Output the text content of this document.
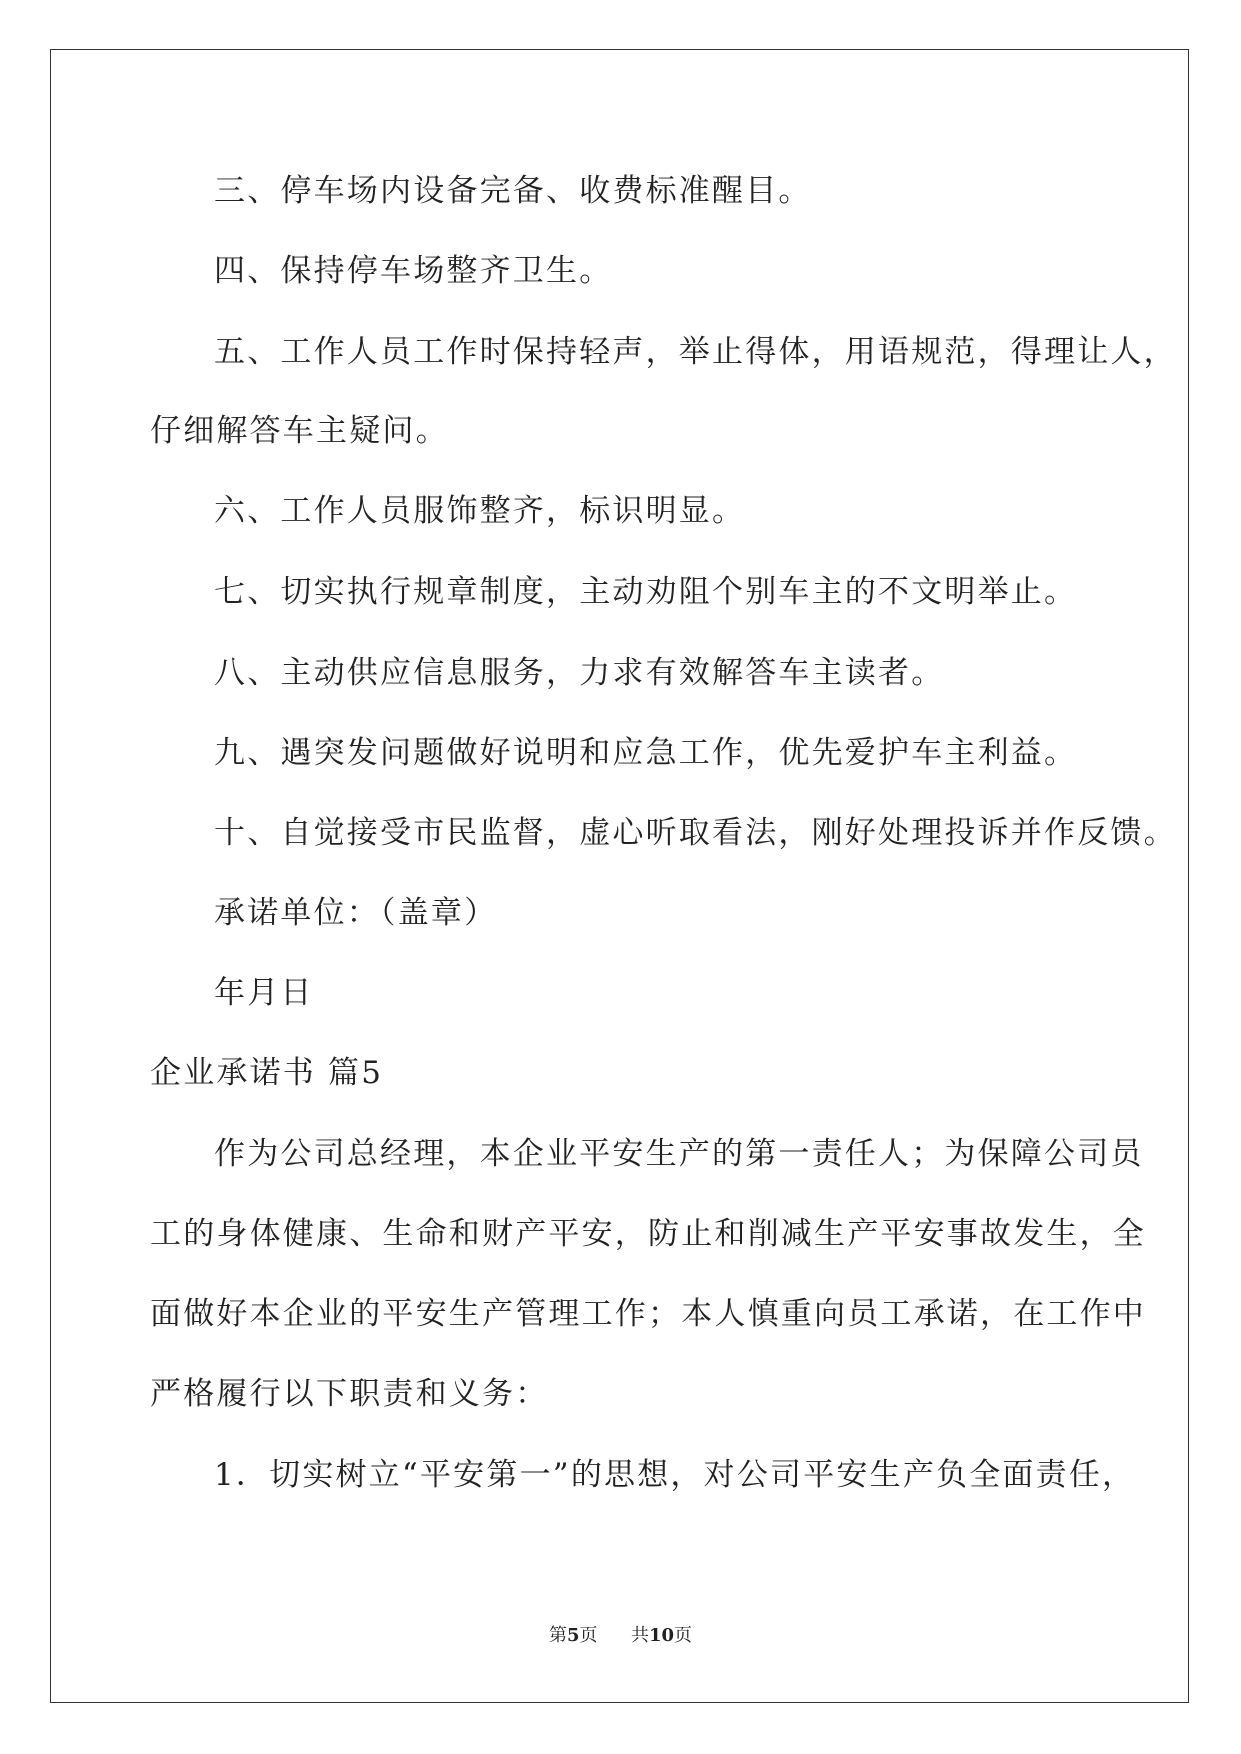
三、停车场内设备完备、收费标准醒目。
四、保持停车场整齐卫生。
五、工作人员工作时保持轻声，举止得体，用语规范，得理让人，
仔细解答车主疑问。
六、工作人员服饰整齐，标识明显。
七、切实执行规章制度，主动劝阻个别车主的不文明举止。
八、主动供应信息服务，力求有效解答车主读者。
九、遇突发问题做好说明和应急工作，优先爱护车主利益。
十、自觉接受市民监督，虚心听取看法，刚好处理投诉并作反馈。
承诺单位：（盖章）
年月日
企业承诺书 篇5
作为公司总经理，本企业平安生产的第一责任人；为保障公司员
工的身体健康、生命和财产平安，防止和削减生产平安事故发生，全
面做好本企业的平安生产管理工作；本人慎重向员工承诺，在工作中
严格履行以下职责和义务：
1．切实树立“平安第一”的思想，对公司平安生产负全面责任，
第5页 共10页
